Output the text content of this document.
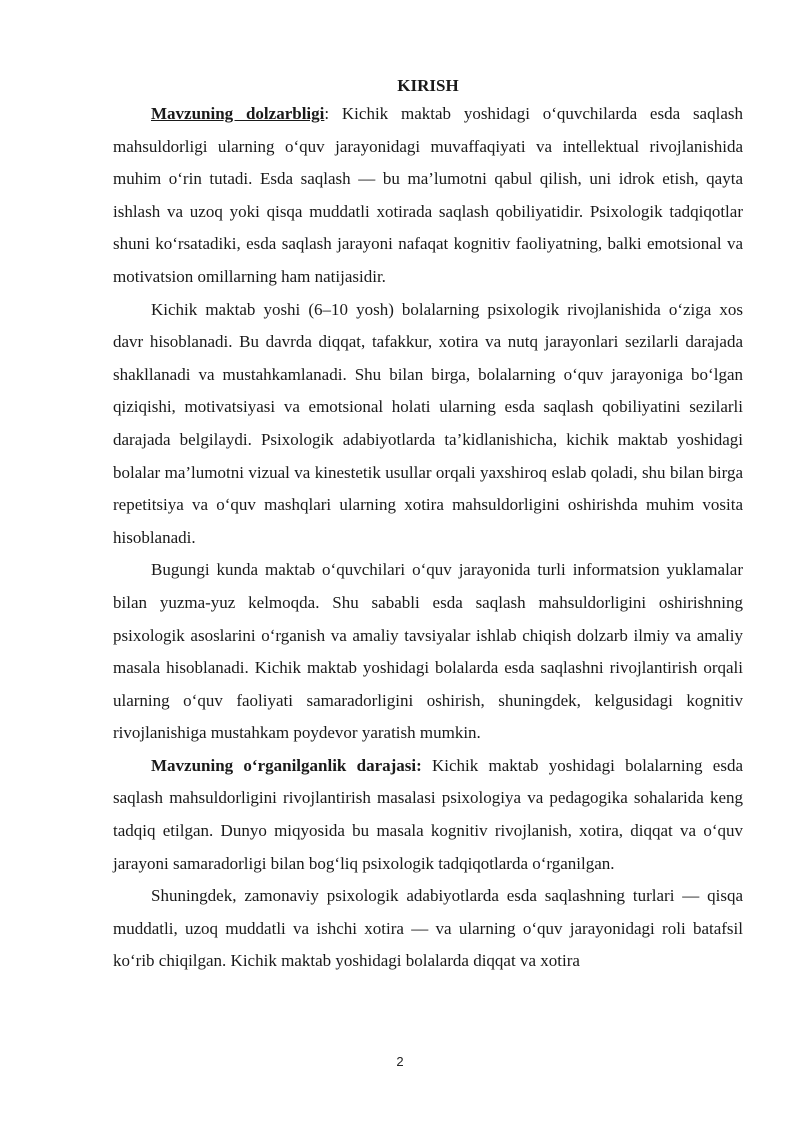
KIRISH

Mavzuning dolzarbligi: Kichik maktab yoshidagi o‘quvchilarda esda saqlash mahsuldorligi ularning o‘quv jarayonidagi muvaffaqiyati va intellektual rivojlanishida muhim o‘rin tutadi. Esda saqlash — bu ma’lumotni qabul qilish, uni idrok etish, qayta ishlash va uzoq yoki qisqa muddatli xotirada saqlash qobiliyatidir. Psixologik tadqiqotlar shuni ko‘rsatadiki, esda saqlash jarayoni nafaqat kognitiv faoliyatning, balki emotsional va motivatsion omillarning ham natijasidir.

Kichik maktab yoshi (6–10 yosh) bolalarning psixologik rivojlanishida o‘ziga xos davr hisoblanadi. Bu davrda diqqat, tafakkur, xotira va nutq jarayonlari sezilarli darajada shakllanadi va mustahkamlanadi. Shu bilan birga, bolalarning o‘quv jarayoniga bo‘lgan qiziqishi, motivatsiyasi va emotsional holati ularning esda saqlash qobiliyatini sezilarli darajada belgilaydi. Psixologik adabiyotlarda ta’kidlanishicha, kichik maktab yoshidagi bolalar ma’lumotni vizual va kinestetik usullar orqali yaxshiroq eslab qoladi, shu bilan birga repetitsiya va o‘quv mashqlari ularning xotira mahsuldorligini oshirishda muhim vosita hisoblanadi.

Bugungi kunda maktab o‘quvchilari o‘quv jarayonida turli informatsion yuklamalar bilan yuzma-yuz kelmoqda. Shu sababli esda saqlash mahsuldorligini oshirishning psixologik asoslarini o‘rganish va amaliy tavsiyalar ishlab chiqish dolzarb ilmiy va amaliy masala hisoblanadi. Kichik maktab yoshidagi bolalarda esda saqlashni rivojlantirish orqali ularning o‘quv faoliyati samaradorligini oshirish, shuningdek, kelgusidagi kognitiv rivojlanishiga mustahkam poydevor yaratish mumkin.

Mavzuning o‘rganilganlik darajasi: Kichik maktab yoshidagi bolalarning esda saqlash mahsuldorligini rivojlantirish masalasi psixologiya va pedagogika sohalarida keng tadqiq etilgan. Dunyo miqyosida bu masala kognitiv rivojlanish, xotira, diqqat va o‘quv jarayoni samaradorligi bilan bog‘liq psixologik tadqiqotlarda o‘rganilgan.

Shuningdek, zamonaviy psixologik adabiyotlarda esda saqlashning turlari — qisqa muddatli, uzoq muddatli va ishchi xotira — va ularning o‘quv jarayonidagi roli batafsil ko‘rib chiqilgan. Kichik maktab yoshidagi bolalarda diqqat va xotira

2
